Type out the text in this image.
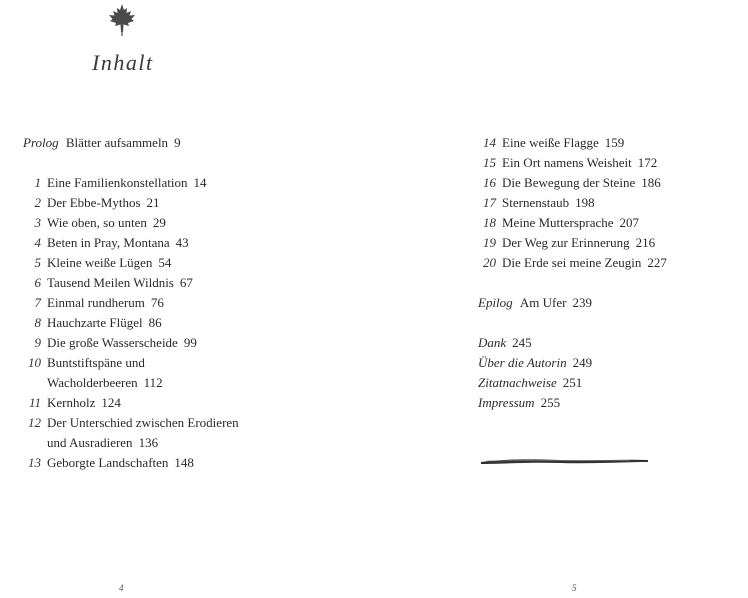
Inhalt
Prolog Blätter aufsammeln 9
1 Eine Familienkonstellation 14
2 Der Ebbe-Mythos 21
3 Wie oben, so unten 29
4 Beten in Pray, Montana 43
5 Kleine weiße Lügen 54
6 Tausend Meilen Wildnis 67
7 Einmal rundherum 76
8 Hauchzarte Flügel 86
9 Die große Wasserscheide 99
10 Buntstiftspäne und
Wacholderbeeren 112
11 Kernholz 124
12 Der Unterschied zwischen Erodieren
und Ausradieren 136
13 Geborgte Landschaften 148
4
14 Eine weiße Flagge 159
15 Ein Ort namens Weisheit 172
16 Die Bewegung der Steine 186
17 Sternenstaub 198
18 Meine Muttersprache 207
19 Der Weg zur Erinnerung 216
20 Die Erde sei meine Zeugin 227
Epilog Am Ufer 239
Dank 245
Über die Autorin 249
Zitatnachweise 251
Impressum 255
5
